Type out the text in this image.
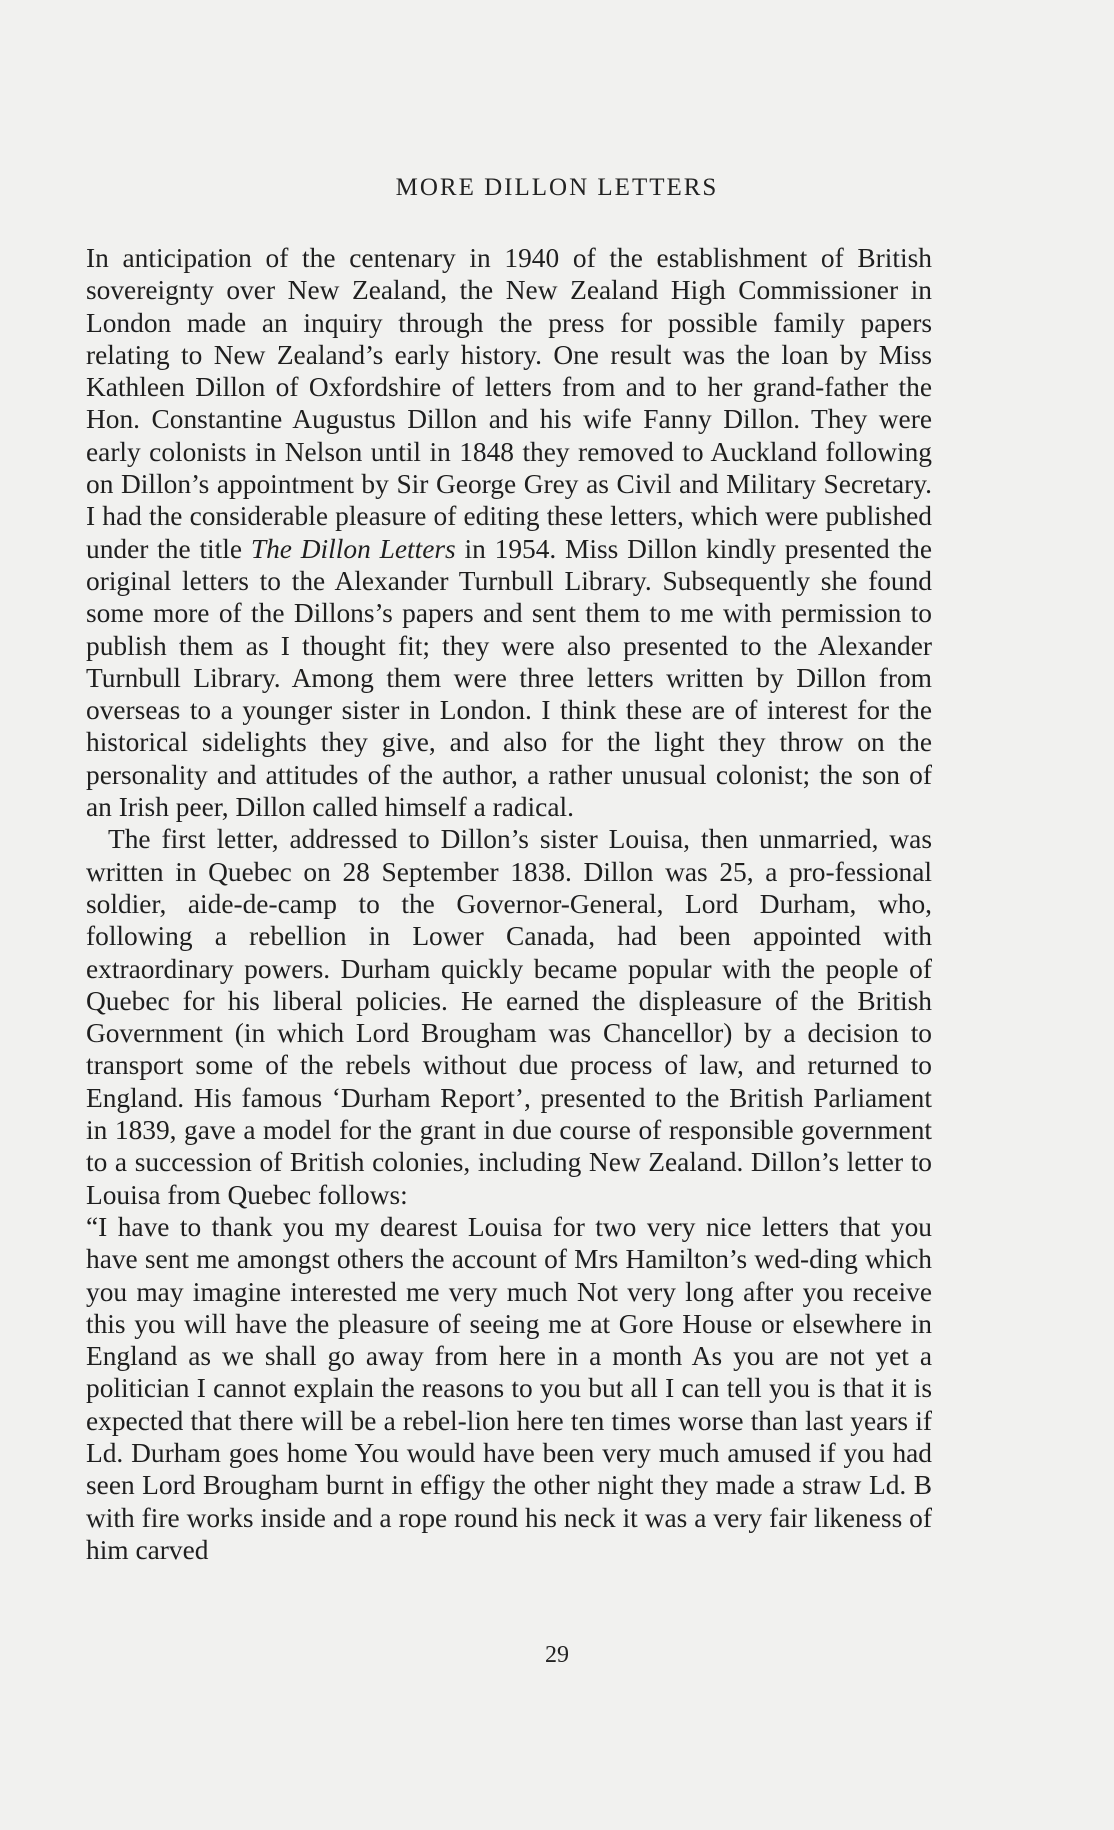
MORE DILLON LETTERS

In anticipation of the centenary in 1940 of the establishment of British sovereignty over New Zealand, the New Zealand High Commissioner in London made an inquiry through the press for possible family papers relating to New Zealand’s early history. One result was the loan by Miss Kathleen Dillon of Oxfordshire of letters from and to her grand-father the Hon. Constantine Augustus Dillon and his wife Fanny Dillon. They were early colonists in Nelson until in 1848 they removed to Auckland following on Dillon’s appointment by Sir George Grey as Civil and Military Secretary. I had the considerable pleasure of editing these letters, which were published under the title The Dillon Letters in 1954. Miss Dillon kindly presented the original letters to the Alexander Turnbull Library. Subsequently she found some more of the Dillons’s papers and sent them to me with permission to publish them as I thought fit; they were also presented to the Alexander Turnbull Library. Among them were three letters written by Dillon from overseas to a younger sister in London. I think these are of interest for the historical sidelights they give, and also for the light they throw on the personality and attitudes of the author, a rather unusual colonist; the son of an Irish peer, Dillon called himself a radical.

The first letter, addressed to Dillon’s sister Louisa, then unmarried, was written in Quebec on 28 September 1838. Dillon was 25, a pro-fessional soldier, aide-de-camp to the Governor-General, Lord Durham, who, following a rebellion in Lower Canada, had been appointed with extraordinary powers. Durham quickly became popular with the people of Quebec for his liberal policies. He earned the displeasure of the British Government (in which Lord Brougham was Chancellor) by a decision to transport some of the rebels without due process of law, and returned to England. His famous ‘Durham Report’, presented to the British Parliament in 1839, gave a model for the grant in due course of responsible government to a succession of British colonies, including New Zealand. Dillon’s letter to Louisa from Quebec follows:

“I have to thank you my dearest Louisa for two very nice letters that you have sent me amongst others the account of Mrs Hamilton’s wed-ding which you may imagine interested me very much Not very long after you receive this you will have the pleasure of seeing me at Gore House or elsewhere in England as we shall go away from here in a month As you are not yet a politician I cannot explain the reasons to you but all I can tell you is that it is expected that there will be a rebel-lion here ten times worse than last years if Ld. Durham goes home You would have been very much amused if you had seen Lord Brougham burnt in effigy the other night they made a straw Ld. B with fire works inside and a rope round his neck it was a very fair likeness of him carved

29
